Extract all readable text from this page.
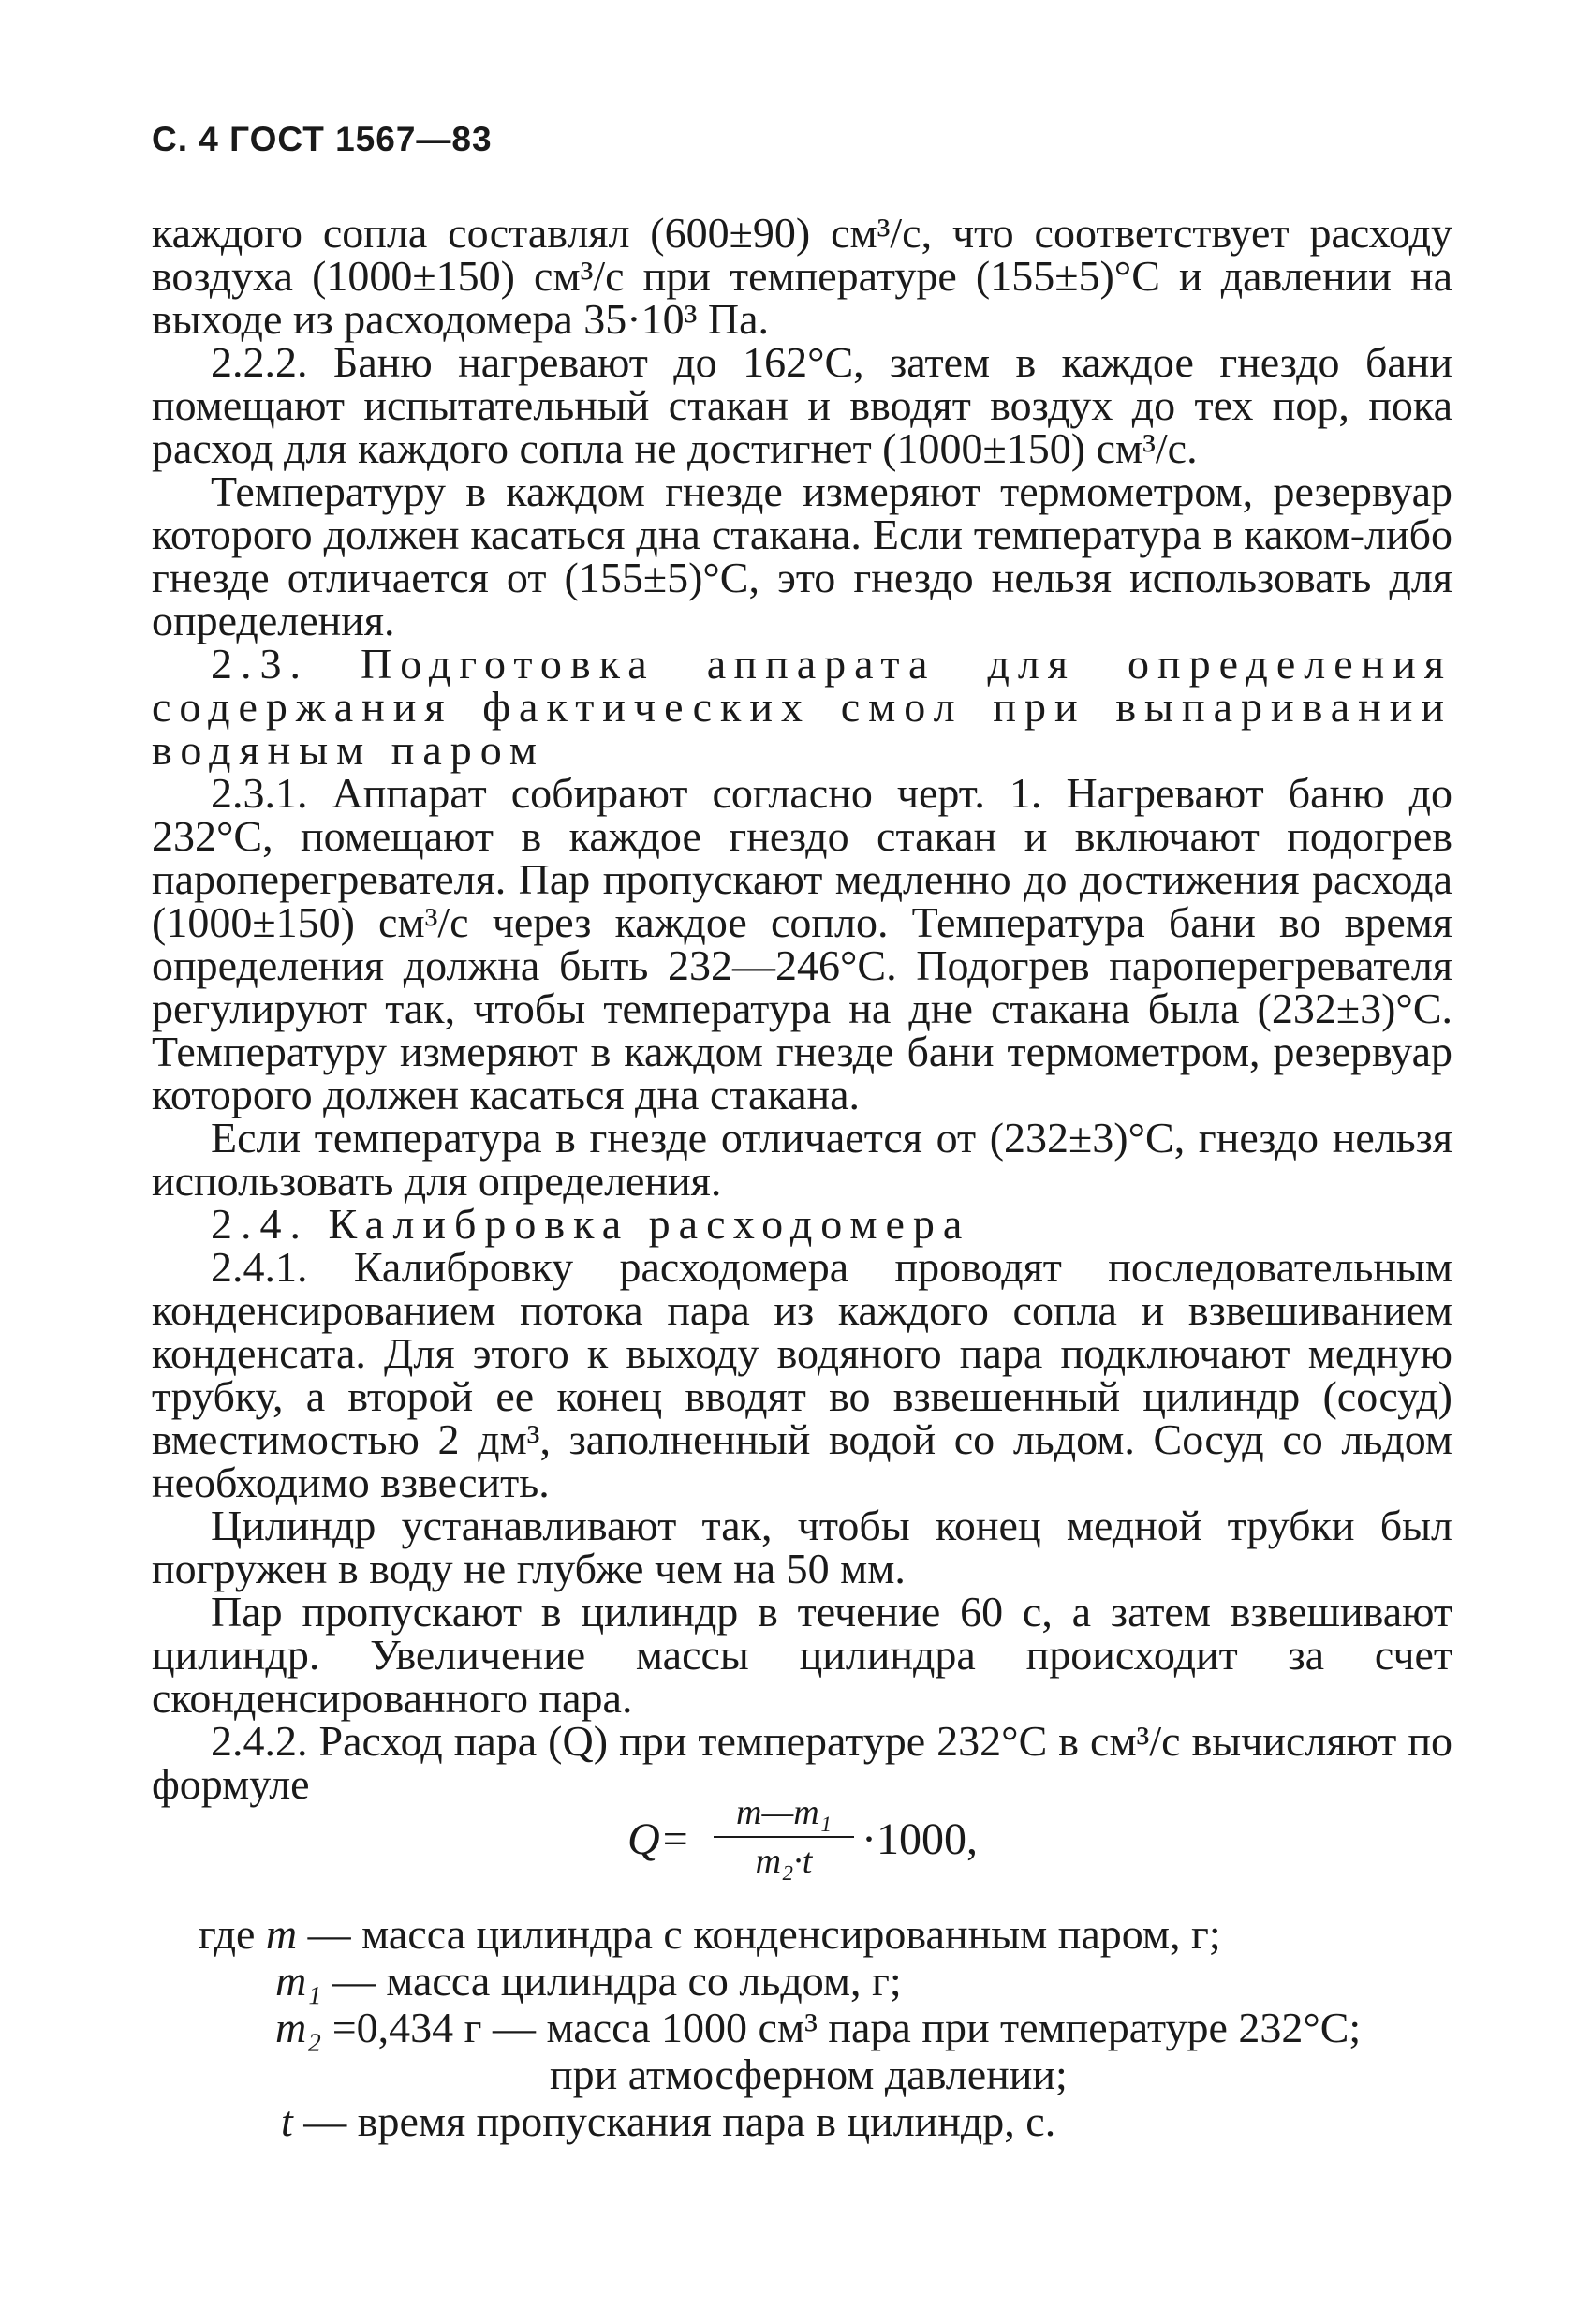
С. 4 ГОСТ 1567—83

каждого сопла составлял (600±90) см³/с, что соответствует расходу воздуха (1000±150) см³/с при температуре (155±5)°С и давлении на выходе из расходомера 35·10³ Па.

2.2.2. Баню нагревают до 162°С, затем в каждое гнездо бани помещают испытательный стакан и вводят воздух до тех пор, пока расход для каждого сопла не достигнет (1000±150) см³/с.

Температуру в каждом гнезде измеряют термометром, резервуар которого должен касаться дна стакана. Если температура в каком-либо гнезде отличается от (155±5)°С, это гнездо нельзя использовать для определения.

2.3. Подготовка аппарата для определения содержания фактических смол при выпаривании водяным паром

2.3.1. Аппарат собирают согласно черт. 1. Нагревают баню до 232°С, помещают в каждое гнездо стакан и включают подогрев пароперегревателя. Пар пропускают медленно до достижения расхода (1000±150) см³/с через каждое сопло. Температура бани во время определения должна быть 232—246°С. Подогрев пароперегревателя регулируют так, чтобы температура на дне стакана была (232±3)°С. Температуру измеряют в каждом гнезде бани термометром, резервуар которого должен касаться дна стакана.

Если температура в гнезде отличается от (232±3)°С, гнездо нельзя использовать для определения.

2.4. Калибровка расходомера

2.4.1. Калибровку расходомера проводят последовательным конденсированием потока пара из каждого сопла и взвешиванием конденсата. Для этого к выходу водяного пара подключают медную трубку, а второй ее конец вводят во взвешенный цилиндр (сосуд) вместимостью 2 дм³, заполненный водой со льдом. Сосуд со льдом необходимо взвесить.

Цилиндр устанавливают так, чтобы конец медной трубки был погружен в воду не глубже чем на 50 мм.

Пар пропускают в цилиндр в течение 60 с, а затем взвешивают цилиндр. Увеличение массы цилиндра происходит за счет сконденсированного пара.

2.4.2. Расход пара (Q) при температуре 232°С в см³/с вычисляют по формуле

Q=
m—m₁
m₂·t	·1000,
где m — масса цилиндра с конденсированным паром, г;
m₁ — масса цилиндра со льдом, г;
m₂ =0,434 г — масса 1000 см³ пара при температуре 232°С;
при атмосферном давлении;
t — время пропускания пара в цилиндр, с.
